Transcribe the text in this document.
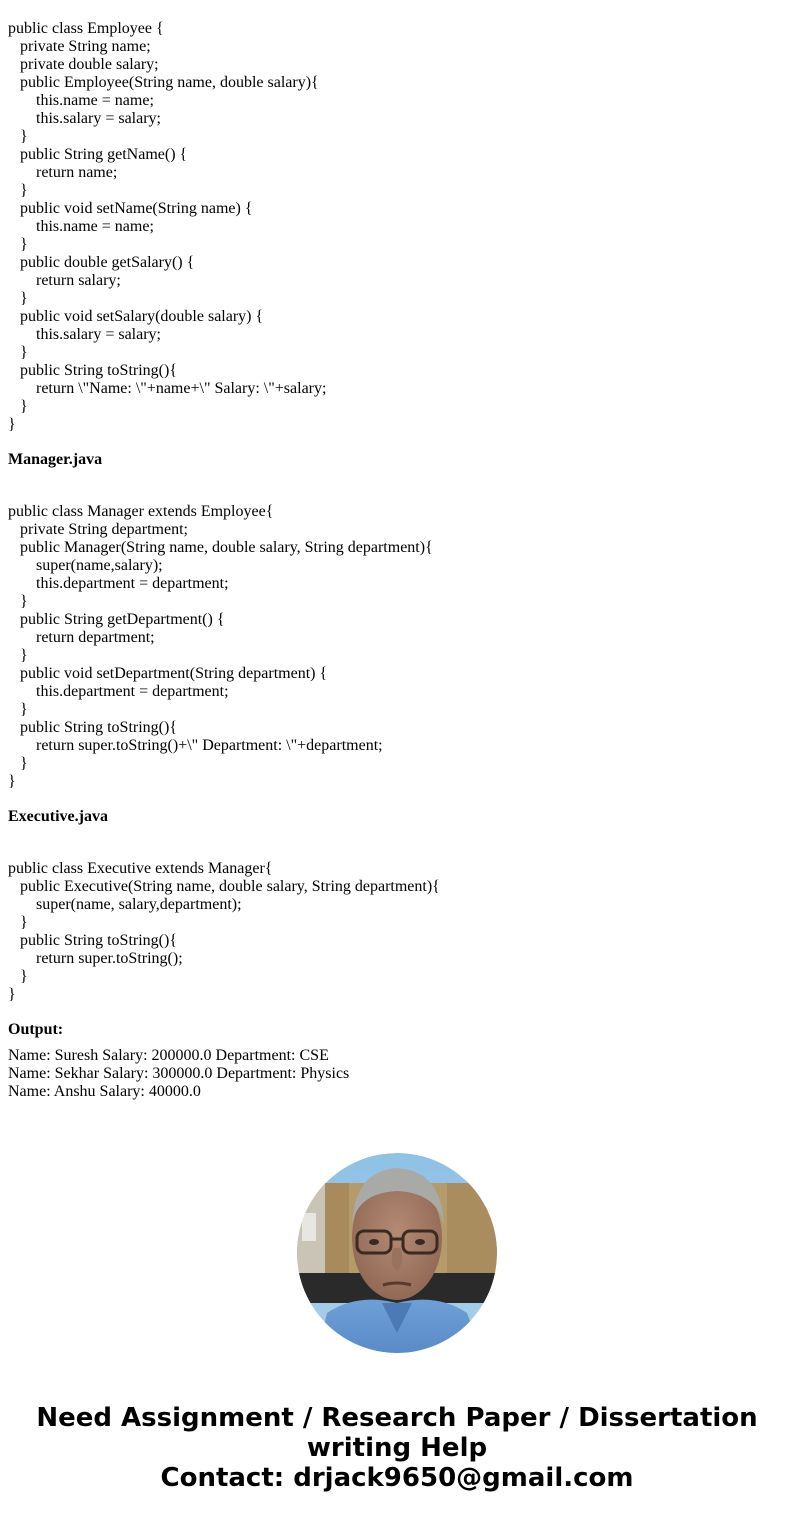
public class Employee {
private String name;
private double salary;
public Employee(String name, double salary){
this.name = name;
this.salary = salary;
}
public String getName() {
return name;
}
public void setName(String name) {
this.name = name;
}
public double getSalary() {
return salary;
}
public void setSalary(double salary) {
this.salary = salary;
}
public String toString(){
return \"Name: \"+name+\" Salary: \"+salary;
}
}

Manager.java

public class Manager extends Employee{
private String department;
public Manager(String name, double salary, String department){
super(name,salary);
this.department = department;
}
public String getDepartment() {
return department;
}
public void setDepartment(String department) {
this.department = department;
}
public String toString(){
return super.toString()+\" Department: \"+department;
}
}

Executive.java

public class Executive extends Manager{
public Executive(String name, double salary, String department){
super(name, salary,department);
}
public String toString(){
return super.toString();
}
}

Output:

Name: Suresh Salary: 200000.0 Department: CSE
Name: Sekhar Salary: 300000.0 Department: Physics
Name: Anshu Salary: 40000.0
Need Assignment / Research Paper / Dissertation
writing Help
Contact: drjack9650@gmail.com
